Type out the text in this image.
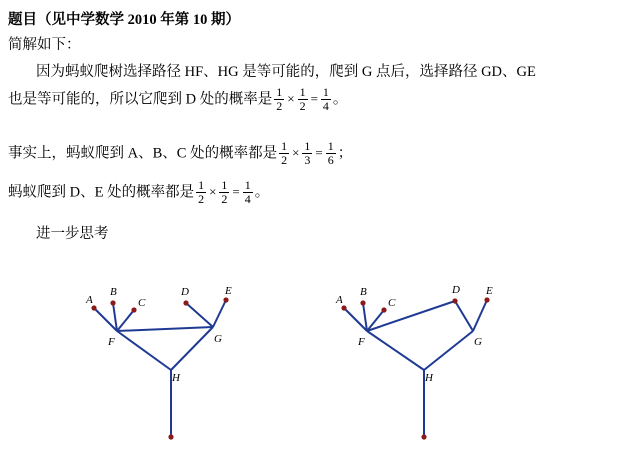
题目（见中学数学 2010 年第 10 期）
简解如下：
因为蚂蚁爬树选择路径 HF、HG 是等可能的，爬到 G 点后，选择路径 GD、GE
也是等可能的，所以它爬到 D 处的概率是 $\frac{1}{2} \times \frac{1}{2} = \frac{1}{4}$ 。
事实上，蚂蚁爬到 A、B、C 处的概率都是 $\frac{1}{2} \times \frac{1}{3} = \frac{1}{6}$ ；
蚂蚁爬到 D、E 处的概率都是 $\frac{1}{2} \times \frac{1}{2} = \frac{1}{4}$ 。
进一步思考
A
B
C
D	E
F	G
H
A
B
C
D E
F	G
H
